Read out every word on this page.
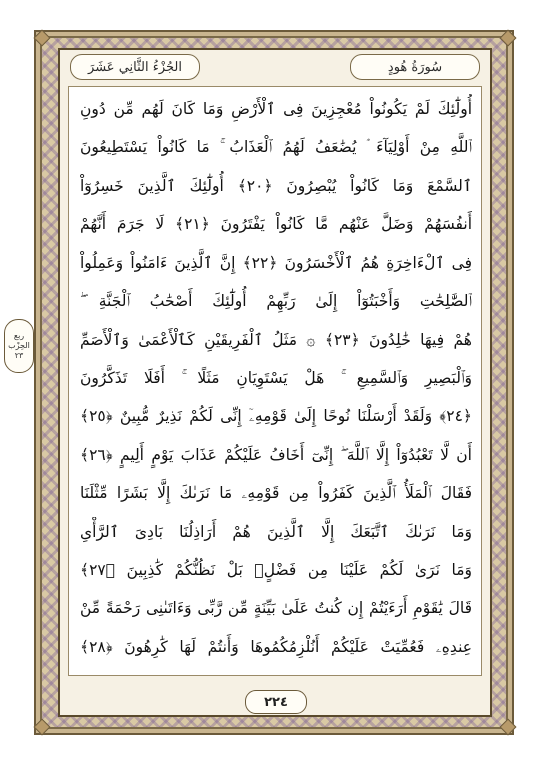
الجُزْءُ الثَّانِي عَشَرَ	سُورَةُ هُودٍ
أُولَٰٓئِكَ لَمْ يَكُونُواْ مُعْجِزِينَ فِى ٱلْأَرْضِ وَمَا كَانَ لَهُم مِّن دُونِ
ٱللَّهِ مِنْ أَوْلِيَآءَ ۘ يُضَٰعَفُ لَهُمُ ٱلْعَذَابُ ۚ مَا كَانُواْ يَسْتَطِيعُونَ
ٱلسَّمْعَ وَمَا كَانُواْ يُبْصِرُونَ ﴿٢٠﴾ أُولَٰٓئِكَ ٱلَّذِينَ خَسِرُوٓاْ
أَنفُسَهُمْ وَضَلَّ عَنْهُم مَّا كَانُواْ يَفْتَرُونَ ﴿٢١﴾ لَا جَرَمَ أَنَّهُمْ
فِى ٱلْءَاخِرَةِ هُمُ ٱلْأَخْسَرُونَ ﴿٢٢﴾ إِنَّ ٱلَّذِينَ ءَامَنُواْ وَعَمِلُواْ
ٱلصَّٰلِحَٰتِ وَأَخْبَتُوٓاْ إِلَىٰ رَبِّهِمْ أُولَٰٓئِكَ أَصْحَٰبُ ٱلْجَنَّةِ ۖ
هُمْ فِيهَا خَٰلِدُونَ ﴿٢٣﴾ ۞ مَثَلُ ٱلْفَرِيقَيْنِ كَٱلْأَعْمَىٰ وَٱلْأَصَمِّ
وَٱلْبَصِيرِ وَٱلسَّمِيعِ ۚ هَلْ يَسْتَوِيَانِ مَثَلًا ۚ أَفَلَا تَذَكَّرُونَ
﴿٢٤﴾ وَلَقَدْ أَرْسَلْنَا نُوحًا إِلَىٰ قَوْمِهِۦٓ إِنِّى لَكُمْ نَذِيرٌ مُّبِينٌ ﴿٢٥﴾
أَن لَّا تَعْبُدُوٓاْ إِلَّا ٱللَّهَ ۖ إِنِّىٓ أَخَافُ عَلَيْكُمْ عَذَابَ يَوْمٍ أَلِيمٍ ﴿٢٦﴾
فَقَالَ ٱلْمَلَأُ ٱلَّذِينَ كَفَرُواْ مِن قَوْمِهِۦ مَا نَرَىٰكَ إِلَّا بَشَرًا مِّثْلَنَا
وَمَا نَرَىٰكَ ٱتَّبَعَكَ إِلَّا ٱلَّذِينَ هُمْ أَرَاذِلُنَا بَادِىَ ٱلرَّأْىِ
وَمَا نَرَىٰ لَكُمْ عَلَيْنَا مِن فَضْلٍۭ بَلْ نَظُنُّكُمْ كَٰذِبِينَ ﴿٢٧﴾
قَالَ يَٰقَوْمِ أَرَءَيْتُمْ إِن كُنتُ عَلَىٰ بَيِّنَةٍ مِّن رَّبِّى وَءَاتَىٰنِى رَحْمَةً مِّنْ
عِندِهِۦ فَعُمِّيَتْ عَلَيْكُمْ أَنُلْزِمُكُمُوهَا وَأَنتُمْ لَهَا كَٰرِهُونَ ﴿٢٨﴾
ربع
الحِزْب
٢٣
٢٢٤
